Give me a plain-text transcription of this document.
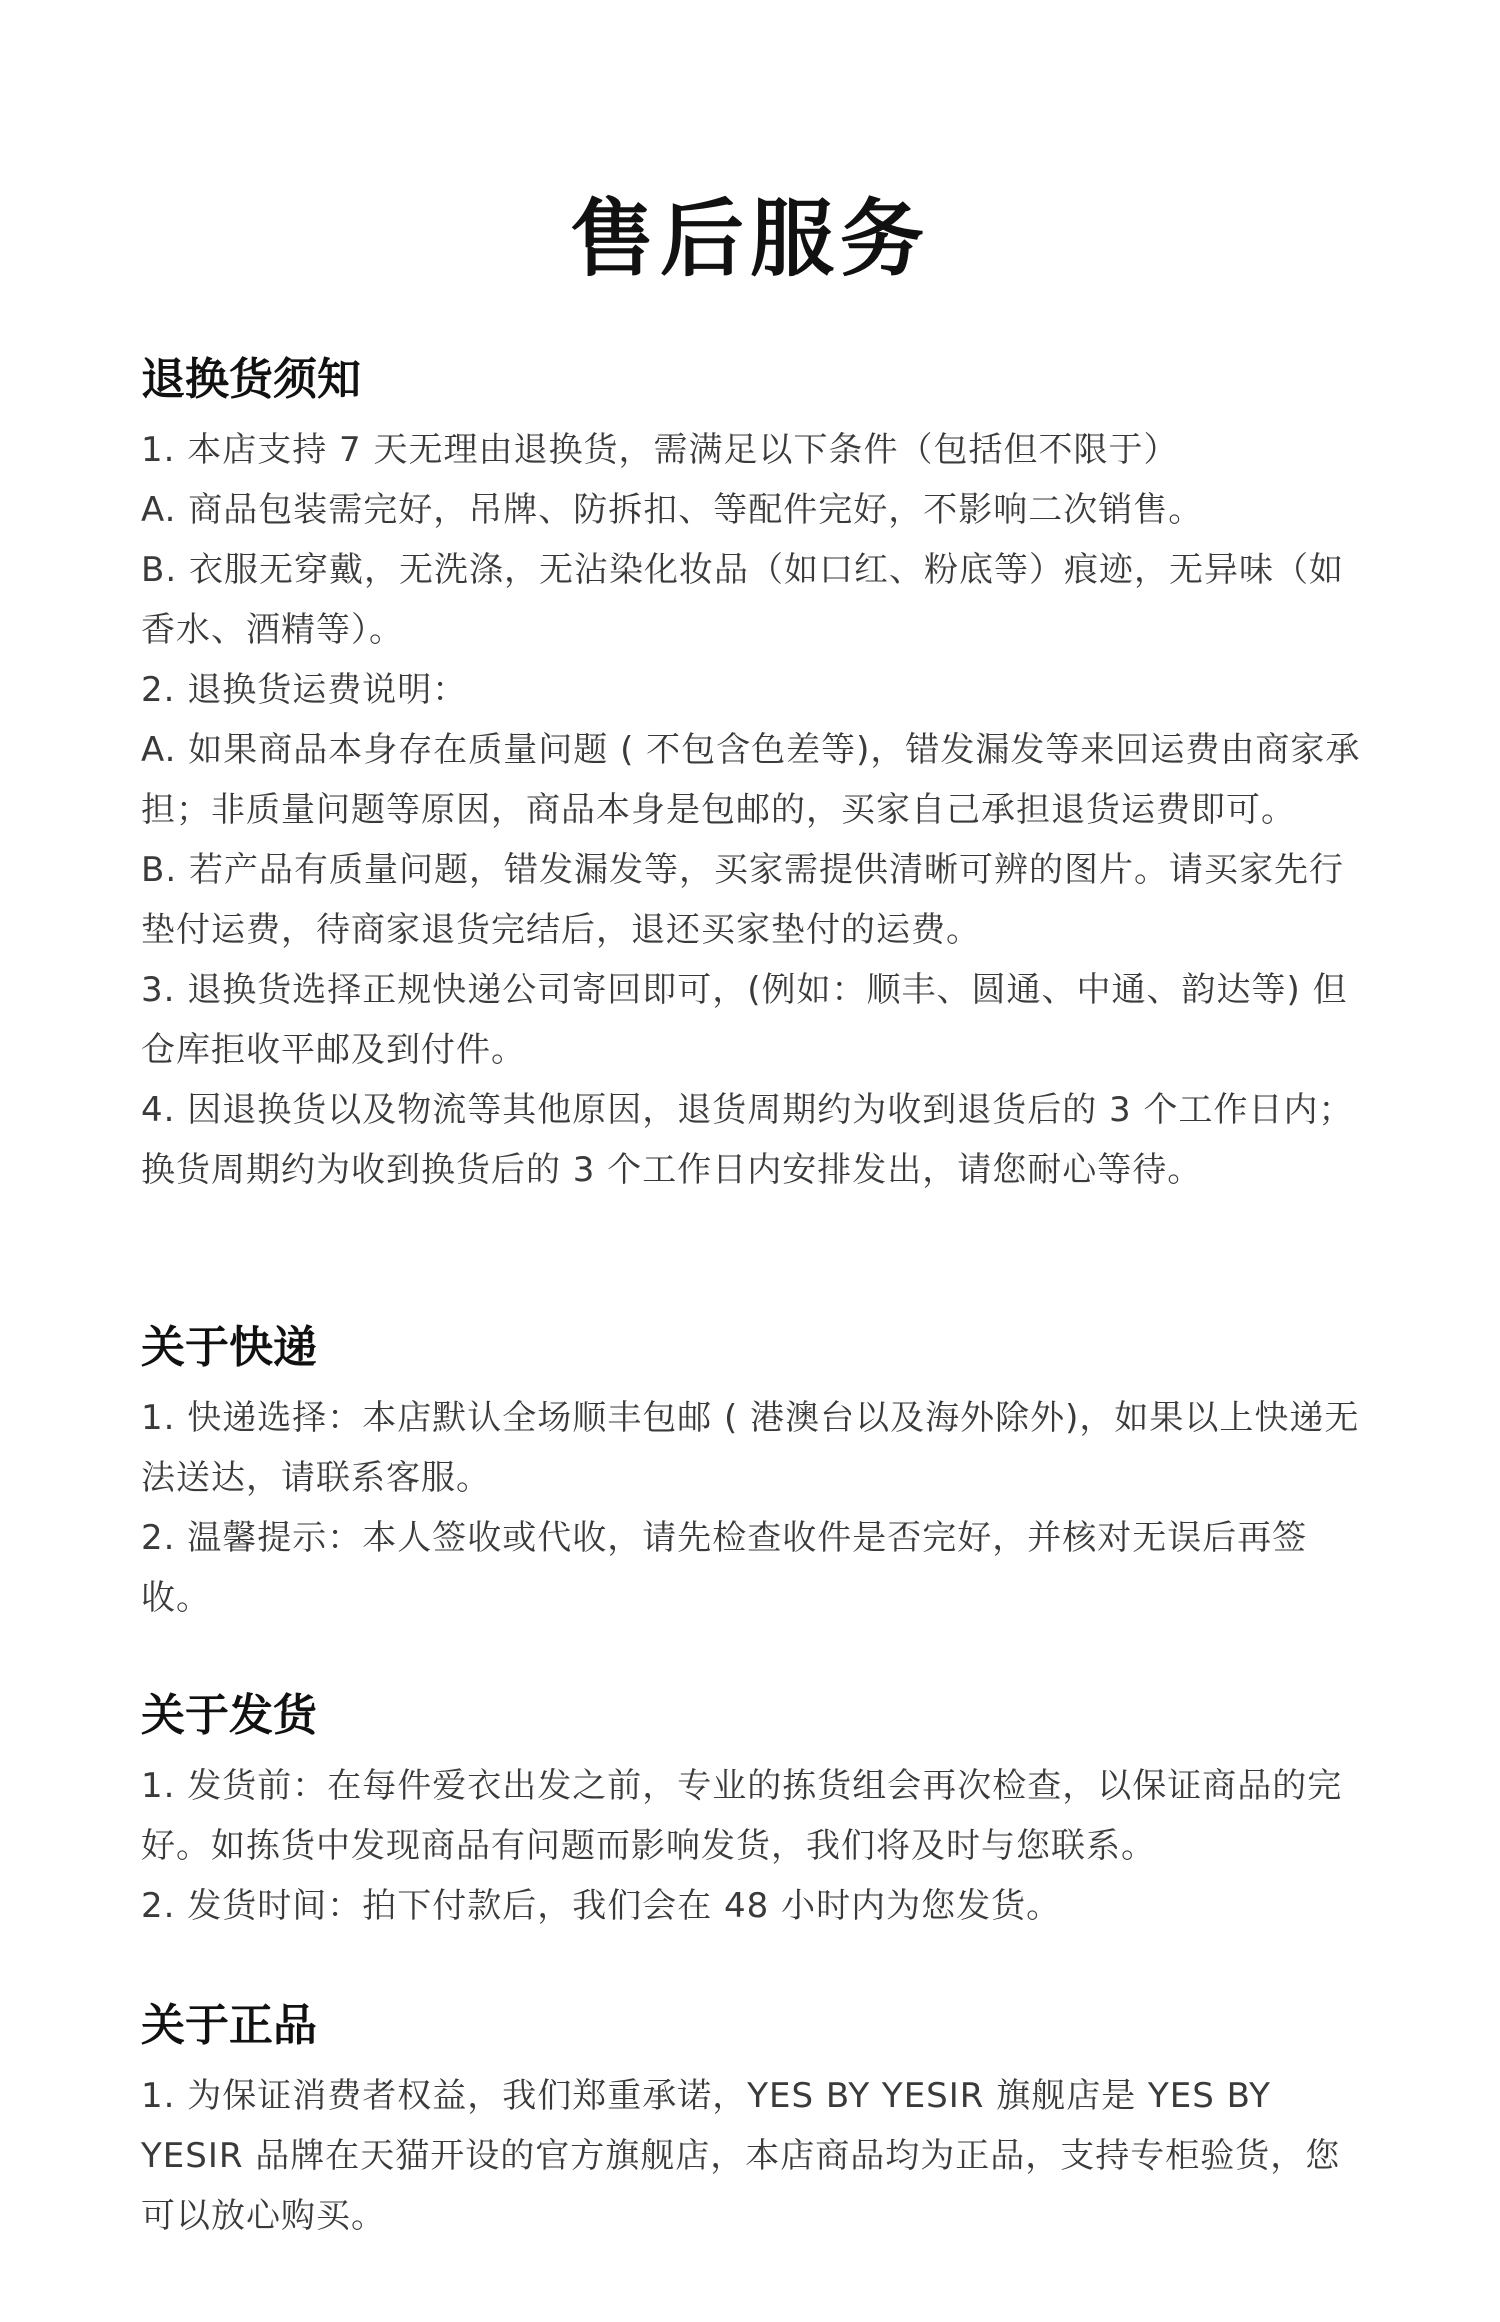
售后服务
退换货须知

1. 本店支持 7 天无理由退换货，需满足以下条件（包括但不限于）

A. 商品包装需完好，吊牌、防拆扣、等配件完好，不影响二次销售。

B. 衣服无穿戴，无洗涤，无沾染化妆品（如口红、粉底等）痕迹，无异味（如香水、酒精等）。

2. 退换货运费说明：

A. 如果商品本身存在质量问题 ( 不包含色差等)，错发漏发等来回运费由商家承担；非质量问题等原因，商品本身是包邮的，买家自己承担退货运费即可。

B. 若产品有质量问题，错发漏发等，买家需提供清晰可辨的图片。请买家先行垫付运费，待商家退货完结后，退还买家垫付的运费。

3. 退换货选择正规快递公司寄回即可，(例如：顺丰、圆通、中通、韵达等) 但仓库拒收平邮及到付件。

4. 因退换货以及物流等其他原因，退货周期约为收到退货后的 3 个工作日内；换货周期约为收到换货后的 3 个工作日内安排发出，请您耐心等待。

关于快递

1. 快递选择：本店默认全场顺丰包邮 ( 港澳台以及海外除外)，如果以上快递无法送达，请联系客服。

2. 温馨提示：本人签收或代收，请先检查收件是否完好，并核对无误后再签收。

关于发货

1. 发货前：在每件爱衣出发之前，专业的拣货组会再次检查，以保证商品的完好。如拣货中发现商品有问题而影响发货，我们将及时与您联系。

2. 发货时间：拍下付款后，我们会在 48 小时内为您发货。

关于正品

1. 为保证消费者权益，我们郑重承诺，YES BY YESIR 旗舰店是 YES BY YESIR 品牌在天猫开设的官方旗舰店，本店商品均为正品，支持专柜验货，您可以放心购买。
